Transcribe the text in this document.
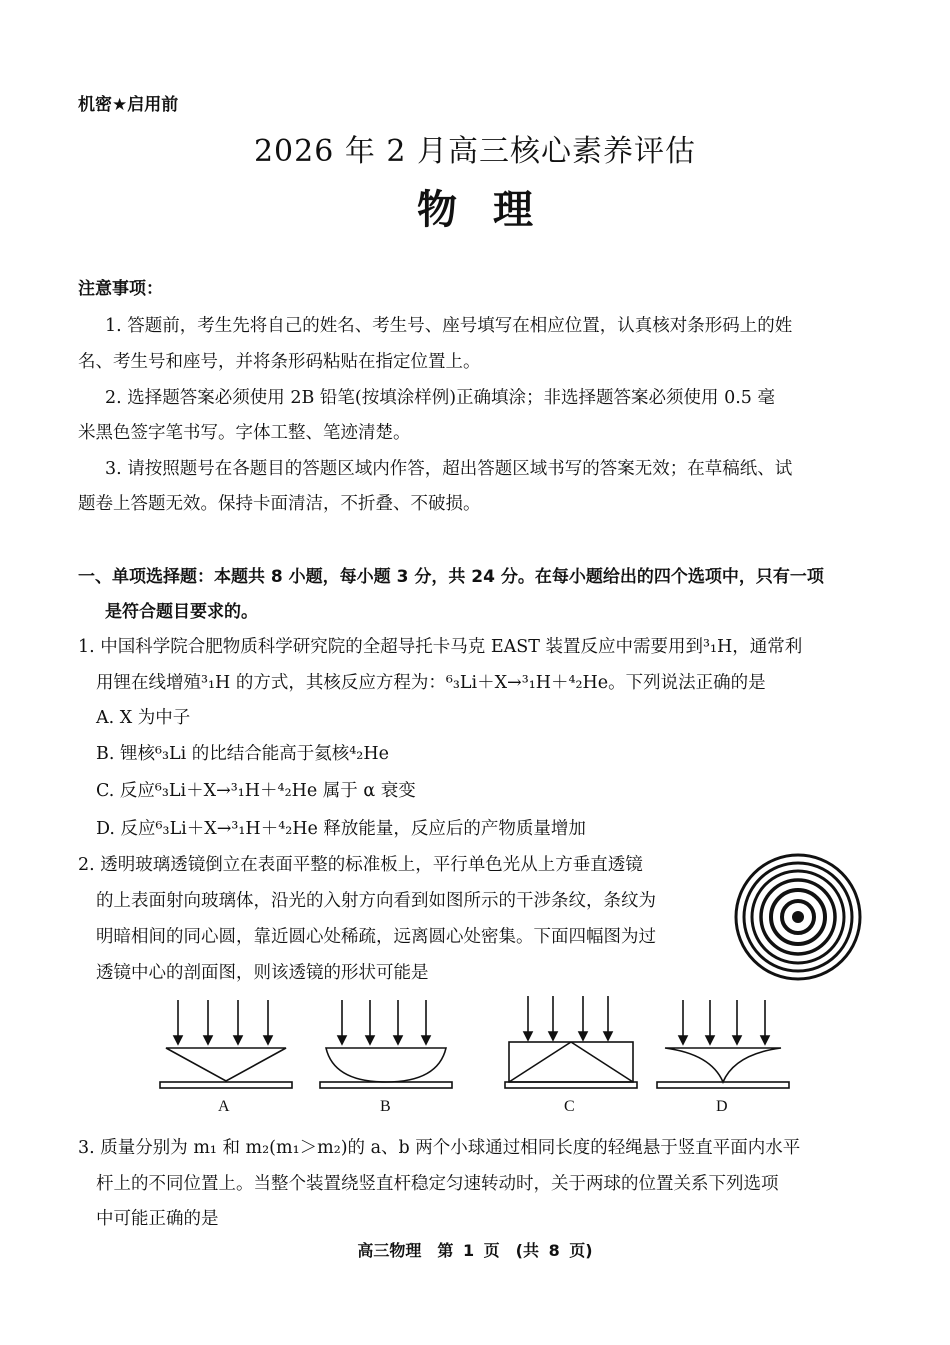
机密★启用前
2026 年 2 月高三核心素养评估
物理
注意事项：
1. 答题前，考生先将自己的姓名、考生号、座号填写在相应位置，认真核对条形码上的姓
名、考生号和座号，并将条形码粘贴在指定位置上。
2. 选择题答案必须使用 2B 铅笔(按填涂样例)正确填涂；非选择题答案必须使用 0.5 毫
米黑色签字笔书写。字体工整、笔迹清楚。
3. 请按照题号在各题目的答题区域内作答，超出答题区域书写的答案无效；在草稿纸、试
题卷上答题无效。保持卡面清洁，不折叠、不破损。
一、单项选择题：本题共 8 小题，每小题 3 分，共 24 分。在每小题给出的四个选项中，只有一项
是符合题目要求的。
1. 中国科学院合肥物质科学研究院的全超导托卡马克 EAST 装置反应中需要用到³₁H，通常利
用锂在线增殖³₁H 的方式，其核反应方程为：⁶₃Li＋X→³₁H＋⁴₂He。下列说法正确的是
A. X 为中子
B. 锂核⁶₃Li 的比结合能高于氦核⁴₂He
C. 反应⁶₃Li＋X→³₁H＋⁴₂He 属于 α 衰变
D. 反应⁶₃Li＋X→³₁H＋⁴₂He 释放能量，反应后的产物质量增加
2. 透明玻璃透镜倒立在表面平整的标准板上，平行单色光从上方垂直透镜
的上表面射向玻璃体，沿光的入射方向看到如图所示的干涉条纹，条纹为
明暗相间的同心圆，靠近圆心处稀疏，远离圆心处密集。下面四幅图为过
透镜中心的剖面图，则该透镜的形状可能是
A	B	C	D
3. 质量分别为 m₁ 和 m₂(m₁＞m₂)的 a、b 两个小球通过相同长度的轻绳悬于竖直平面内水平
杆上的不同位置上。当整个装置绕竖直杆稳定匀速转动时，关于两球的位置关系下列选项
中可能正确的是
高三物理　第 1 页　(共 8 页)
